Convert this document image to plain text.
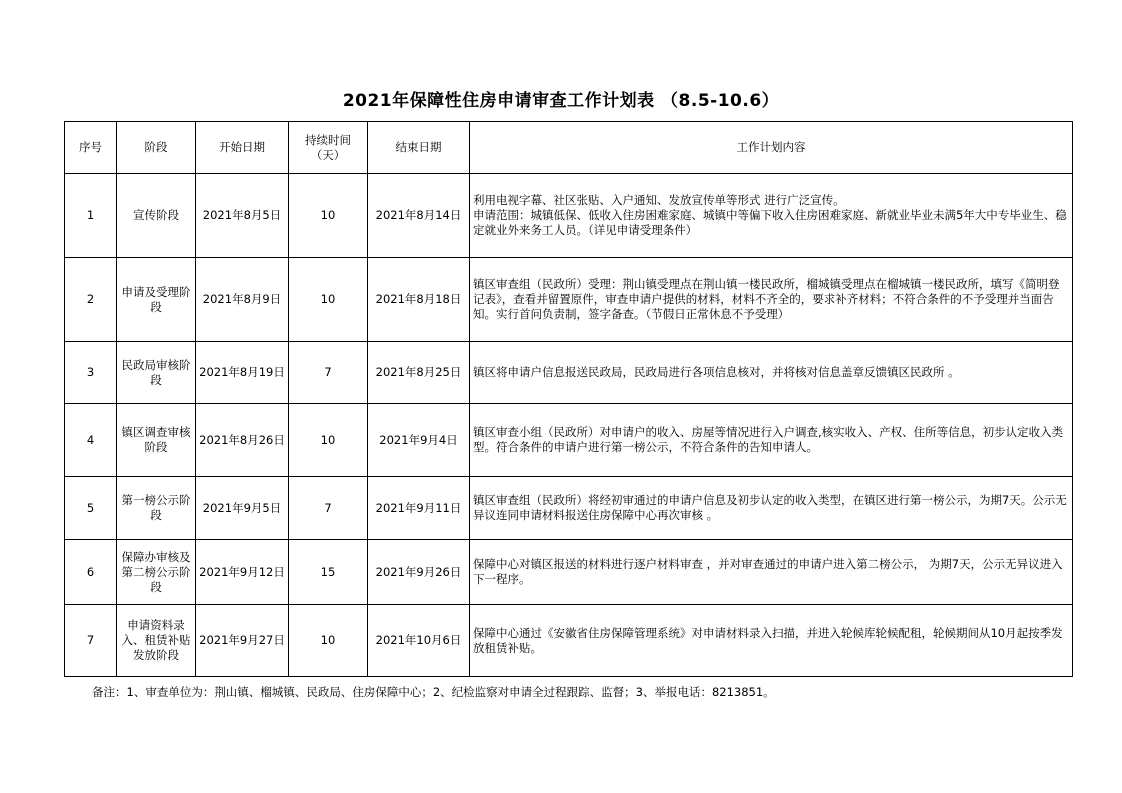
2021年保障性住房申请审查工作计划表 （8.5-10.6）
序号	阶段	开始日期	持续时间（天）	结束日期	工作计划内容
1	宣传阶段	2021年8月5日	10	2021年8月14日	利用电视字幕、社区张贴、入户通知、发放宣传单等形式 进行广泛宣传。
申请范围：城镇低保、低收入住房困难家庭、城镇中等偏下收入住房困难家庭、新就业毕业未满5年大中专毕业生、稳定就业外来务工人员。（详见申请受理条件）
2	申请及受理阶段	2021年8月9日	10	2021年8月18日	镇区审查组（民政所）受理：荆山镇受理点在荆山镇一楼民政所，榴城镇受理点在榴城镇一楼民政所，填写《简明登记表》，查看并留置原件，审查申请户提供的材料，材料不齐全的，要求补齐材料；不符合条件的不予受理并当面告知。实行首问负责制，签字备查。（节假日正常休息不予受理）
3	民政局审核阶段	2021年8月19日	7	2021年8月25日	镇区将申请户信息报送民政局，民政局进行各项信息核对，并将核对信息盖章反馈镇区民政所 。
4	镇区调查审核阶段	2021年8月26日	10	2021年9月4日	镇区审查小组（民政所）对申请户的收入、房屋等情况进行入户调查,核实收入、产权、住所等信息，初步认定收入类型。符合条件的申请户进行第一榜公示，不符合条件的告知申请人。
5	第一榜公示阶段	2021年9月5日	7	2021年9月11日	镇区审查组（民政所）将经初审通过的申请户信息及初步认定的收入类型，在镇区进行第一榜公示，为期7天。公示无异议连同申请材料报送住房保障中心再次审核 。
6	保障办审核及第二榜公示阶段	2021年9月12日	15	2021年9月26日	保障中心对镇区报送的材料进行逐户材料审查 ，并对审查通过的申请户进入第二榜公示， 为期7天，公示无异议进入下一程序。
7	申请资料录入、租赁补贴发放阶段	2021年9月27日	10	2021年10月6日	保障中心通过《安徽省住房保障管理系统》对申请材料录入扫描，并进入轮候库轮候配租，轮候期间从10月起按季发放租赁补贴。
备注：1、审查单位为：荆山镇、榴城镇、民政局、住房保障中心；2、纪检监察对申请全过程跟踪、监督；3、举报电话：8213851。
